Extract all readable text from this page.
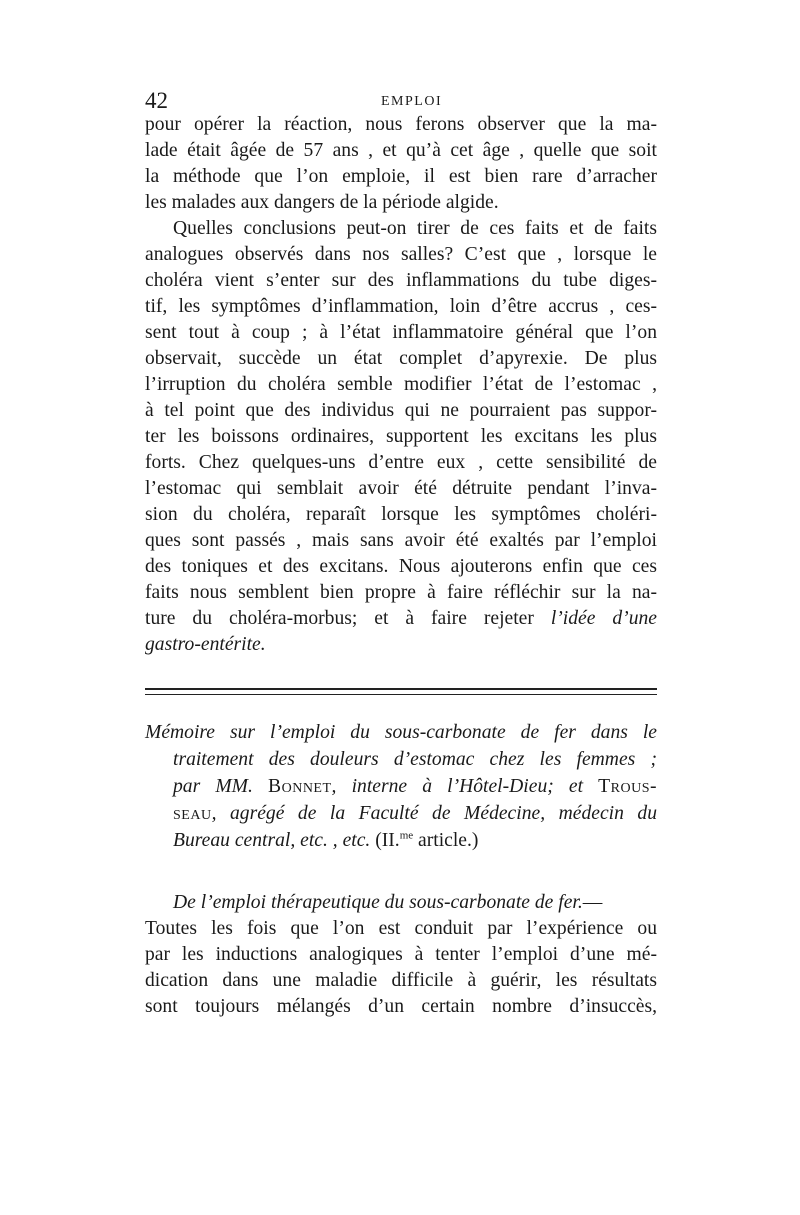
42	EMPLOI

pour opérer la réaction, nous ferons observer que la ma-
lade était âgée de 57 ans , et qu’à cet âge , quelle que soit
la méthode que l’on emploie, il est bien rare d’arracher
les malades aux dangers de la période algide.

Quelles conclusions peut-on tirer de ces faits et de faits
analogues observés dans nos salles? C’est que , lorsque le
choléra vient s’enter sur des inflammations du tube diges-
tif, les symptômes d’inflammation, loin d’être accrus , ces-
sent tout à coup ; à l’état inflammatoire général que l’on
observait, succède un état complet d’apyrexie. De plus
l’irruption du choléra semble modifier l’état de l’estomac ,
à tel point que des individus qui ne pourraient pas suppor-
ter les boissons ordinaires, supportent les excitans les plus
forts. Chez quelques-uns d’entre eux , cette sensibilité de
l’estomac qui semblait avoir été détruite pendant l’inva-
sion du choléra, reparaît lorsque les symptômes choléri-
ques sont passés , mais sans avoir été exaltés par l’emploi
des toniques et des excitans. Nous ajouterons enfin que ces
faits nous semblent bien propre à faire réfléchir sur la na-
ture du choléra-morbus; et à faire rejeter l’idée d’une
gastro-entérite.

Mémoire sur l’emploi du sous-carbonate de fer dans le
traitement des douleurs d’estomac chez les femmes ;
par MM. Bonnet, interne à l’Hôtel-Dieu; et Trous-
seau, agrégé de la Faculté de Médecine, médecin du
Bureau central, etc. , etc. (II.$^{me}$ article.)

De l’emploi thérapeutique du sous-carbonate de fer.—
Toutes les fois que l’on est conduit par l’expérience ou
par les inductions analogiques à tenter l’emploi d’une mé-
dication dans une maladie difficile à guérir, les résultats
sont toujours mélangés d’un certain nombre d’insuccès,
